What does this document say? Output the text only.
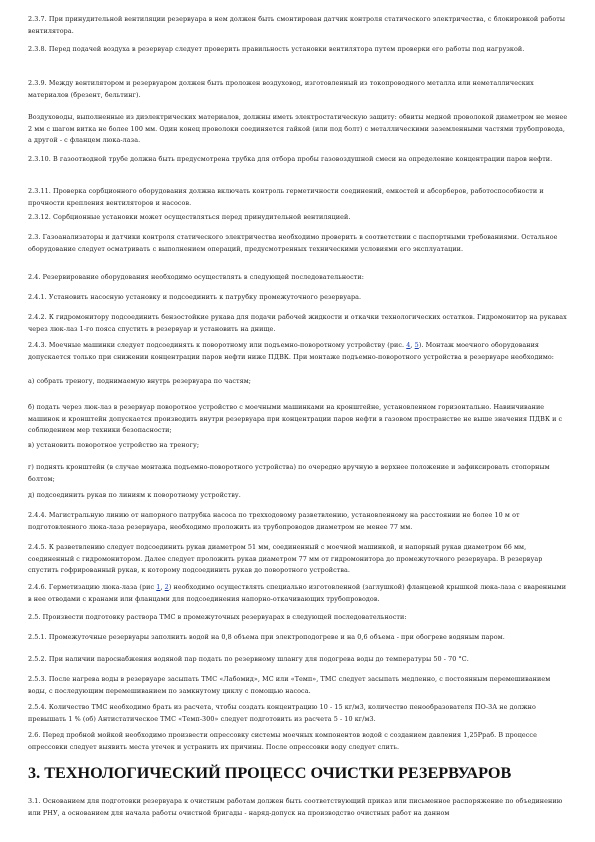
2.3.7. При принудительной вентиляции резервуара в нем должен быть смонтирован датчик контроля статического электричества, с блокировкой работы вентилятора.
2.3.8. Перед подачей воздуха в резервуар следует проверить правильность установки вентилятора путем проверки его работы под нагрузкой.
2.3.9. Между вентилятором и резервуаром должен быть проложен воздуховод, изготовленный из токопроводного металла или неметаллических материалов (брезент, бельтинг).
Воздуховоды, выполненные из диэлектрических материалов, должны иметь электростатическую защиту: обвиты медной проволокой диаметром не менее 2 мм с шагом витка не более 100 мм. Один конец проволоки соединяется гайкой (или под болт) с металлическими заземленными частями трубопровода, а другой - с фланцем люка-лаза.
2.3.10. В газоотводной трубе должна быть предусмотрена трубка для отбора пробы газовоздушной смеси на определение концентрации паров нефти.
2.3.11. Проверка сорбционного оборудования должна включать контроль герметичности соединений, емкостей и абсорберов, работоспособности и прочности крепления вентиляторов и насосов.
2.3.12. Сорбционные установки может осуществляться перед принудительной вентиляцией.
2.3. Газоанализаторы и датчики контроля статического электричества необходимо проверить в соответствии с паспортными требованиями. Остальное оборудование следует осматривать с выполнением операций, предусмотренных техническими условиями его эксплуатации.
2.4. Резервирование оборудования необходимо осуществлять в следующей последовательности:
2.4.1. Установить насосную установку и подсоединить к патрубку промежуточного резервуара.
2.4.2. К гидромонитору подсоединить бензостойкие рукава для подачи рабочей жидкости и откачки технологических остатков. Гидромонитор на рукавах через люк-лаз 1-го пояса спустить в резервуар и установить на днище.
2.4.3. Моечные машинки следует подсоединять к поворотному или подъемно-поворотному устройству (рис. 4, 5). Монтаж моечного оборудования допускается только при снижении концентрации паров нефти ниже ПДВК. При монтаже подъемно-поворотного устройства в резервуаре необходимо:
а) собрать треногу, поднимаемую внутрь резервуара по частям;
б) подать через люк-лаз в резервуар поворотное устройство с моечными машинками на кронштейне, установленном горизонтально. Навинчивание машинок и кронштейн допускается производить внутри резервуара при концентрации паров нефти в газовом пространстве не выше значения ПДВК и с соблюдением мер техники безопасности;
в) установить поворотное устройство на треногу;
г) поднять кронштейн (в случае монтажа подъемно-поворотного устройства) по очередно вручную в верхнее положение и зафиксировать стопорным болтом;
д) подсоединить рукав по линиям к поворотному устройству.
2.4.4. Магистральную линию от напорного патрубка насоса по трехходовому разветвлению, установленному на расстоянии не более 10 м от подготовленного люка-лаза резервуара, необходимо проложить из трубопроводов диаметром не менее 77 мм.
2.4.5. К разветвлению следует подсоединить рукав диаметром 51 мм, соединенный с моечной машинкой, и напорный рукав диаметром 66 мм, соединенный с гидромонитором. Далее следует проложить рукав диаметром 77 мм от гидромонитора до промежуточного резервуара. В резервуар спустить гофрированный рукав, к которому подсоединить рукав до поворотного устройства.
2.4.6. Герметизацию люка-лаза (рис 1, 2) необходимо осуществлять специально изготовленной (заглушкой) фланцевой крышкой люка-лаза с вваренными в нее отводами с кранами или фланцами для подсоединения напорно-откачивающих трубопроводов.
2.5. Произвести подготовку раствора ТМС в промежуточных резервуарах в следующей последовательности:
2.5.1. Промежуточные резервуары заполнить водой на 0,8 объема при электроподогреве и на 0,6 объема - при обогреве водяным паром.
2.5.2. При наличии пароснабжения водяной пар подать по резервному шлангу для подогрева воды до температуры 50 - 70 °С.
2.5.3. После нагрева воды в резервуаре засыпать ТМС «Лабомид», МС или «Темп», ТМС следует засыпать медленно, с постоянным перемешиванием воды, с последующим перемешиванием по замкнутому циклу с помощью насоса.
2.5.4. Количество ТМС необходимо брать из расчета, чтобы создать концентрацию 10 - 15 кг/м3, количество пенообразователя ПО-3А не должно превышать 1 % (об) Антистатическое ТМС «Темп-300» следует подготовить из расчета 5 - 10 кг/м3.
2.6. Перед пробной мойкой необходимо произвести опрессовку системы моечных компонентов водой с созданием давления 1,25Рраб. В процессе опрессовки следует выявить места утечек и устранить их причины. После опрессовки воду следует слить.
3. ТЕХНОЛОГИЧЕСКИЙ ПРОЦЕСС ОЧИСТКИ РЕЗЕРВУАРОВ
3.1. Основанием для подготовки резервуара к очистным работам должен быть соответствующий приказ или письменное распоряжение по объединению или РНУ, а основанием для начала работы очистной бригады - наряд-допуск на производство очистных работ на данном
